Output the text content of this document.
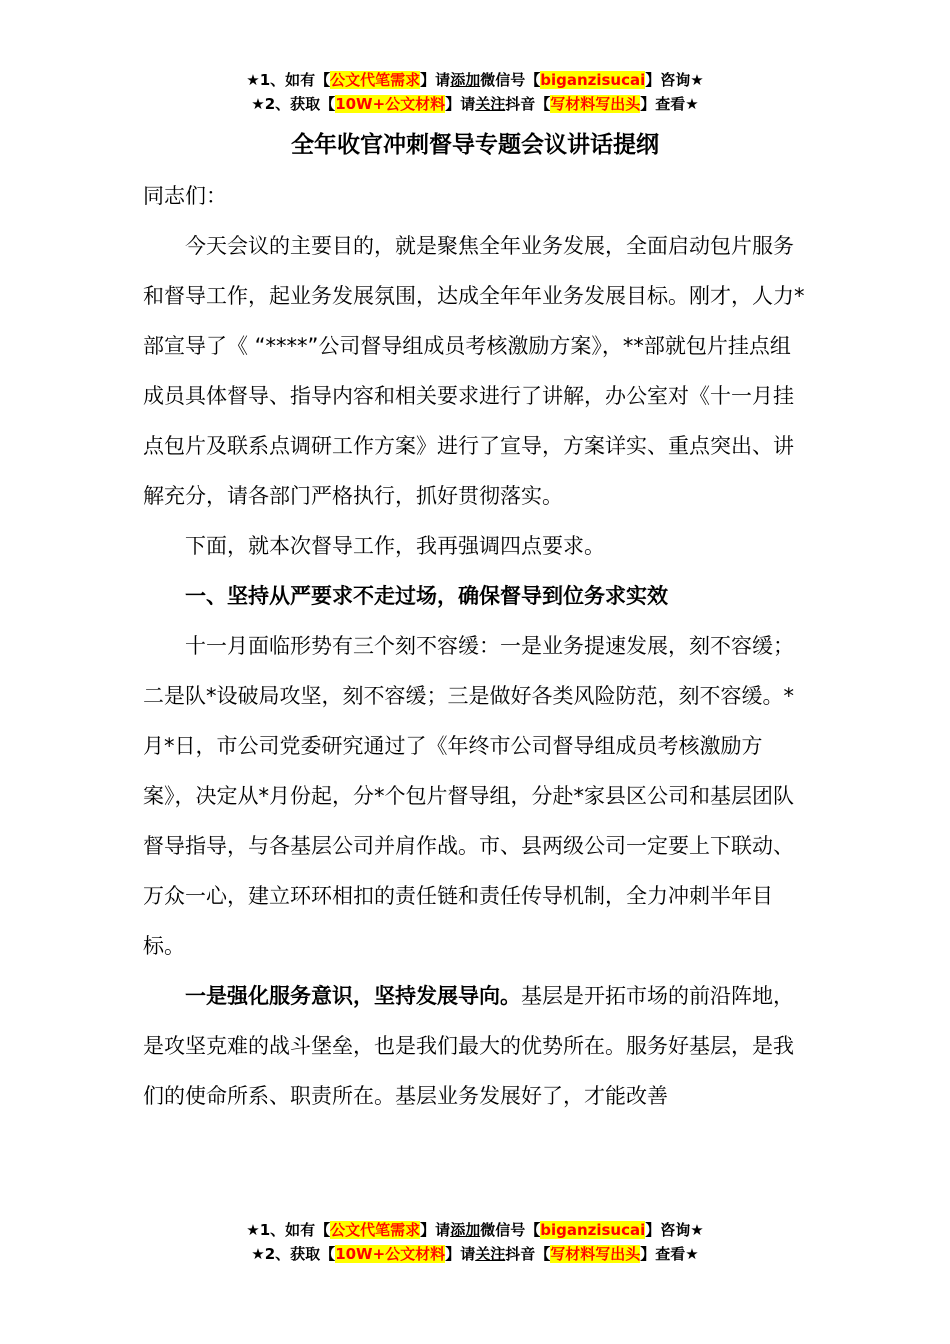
★1、如有【公文代笔需求】请添加微信号【biganzisucai】咨询★
★2、获取【10W+公文材料】请关注抖音【写材料写出头】查看★
全年收官冲刺督导专题会议讲话提纲

同志们：

今天会议的主要目的，就是聚焦全年业务发展，全面启动包片服务和督导工作，起业务发展氛围，达成全年年业务发展目标。刚才，人力*部宣导了《 “****”公司督导组成员考核激励方案》，**部就包片挂点组成员具体督导、指导内容和相关要求进行了讲解，办公室对《十一月挂点包片及联系点调研工作方案》进行了宣导，方案详实、重点突出、讲解充分，请各部门严格执行，抓好贯彻落实。

下面，就本次督导工作，我再强调四点要求。

一、坚持从严要求不走过场，确保督导到位务求实效

十一月面临形势有三个刻不容缓：一是业务提速发展，刻不容缓；二是队*设破局攻坚，刻不容缓；三是做好各类风险防范，刻不容缓。*月*日，市公司党委研究通过了《年终市公司督导组成员考核激励方案》，决定从*月份起，分*个包片督导组，分赴*家县区公司和基层团队督导指导，与各基层公司并肩作战。市、县两级公司一定要上下联动、万众一心，建立环环相扣的责任链和责任传导机制，全力冲刺半年目标。

一是强化服务意识，坚持发展导向。基层是开拓市场的前沿阵地，是攻坚克难的战斗堡垒，也是我们最大的优势所在。服务好基层，是我们的使命所系、职责所在。基层业务发展好了，才能改善

★1、如有【公文代笔需求】请添加微信号【biganzisucai】咨询★
★2、获取【10W+公文材料】请关注抖音【写材料写出头】查看★
